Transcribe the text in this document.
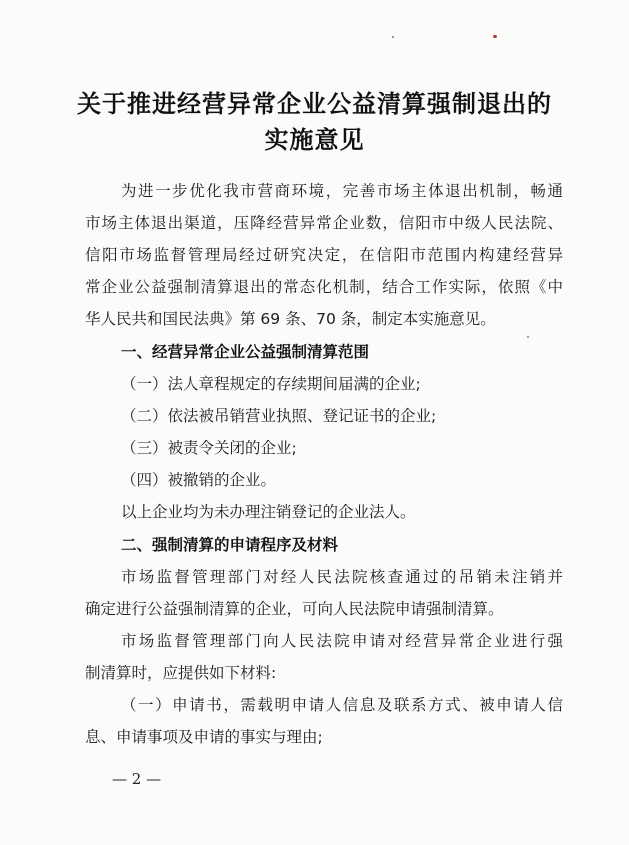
关于推进经营异常企业公益清算强制退出的
实施意见
为进一步优化我市营商环境，完善市场主体退出机制，畅通
市场主体退出渠道，压降经营异常企业数，信阳市中级人民法院、
信阳市场监督管理局经过研究决定，在信阳市范围内构建经营异
常企业公益强制清算退出的常态化机制，结合工作实际，依照《中
华人民共和国民法典》第 69 条、70 条，制定本实施意见。
一、经营异常企业公益强制清算范围
（一）法人章程规定的存续期间届满的企业;
（二）依法被吊销营业执照、登记证书的企业;
（三）被责令关闭的企业;
（四）被撤销的企业。
以上企业均为未办理注销登记的企业法人。
二、强制清算的申请程序及材料
市场监督管理部门对经人民法院核查通过的吊销未注销并
确定进行公益强制清算的企业，可向人民法院申请强制清算。
市场监督管理部门向人民法院申请对经营异常企业进行强
制清算时，应提供如下材料:
（一）申请书，需载明申请人信息及联系方式、被申请人信
息、申请事项及申请的事实与理由;
— 2 —
